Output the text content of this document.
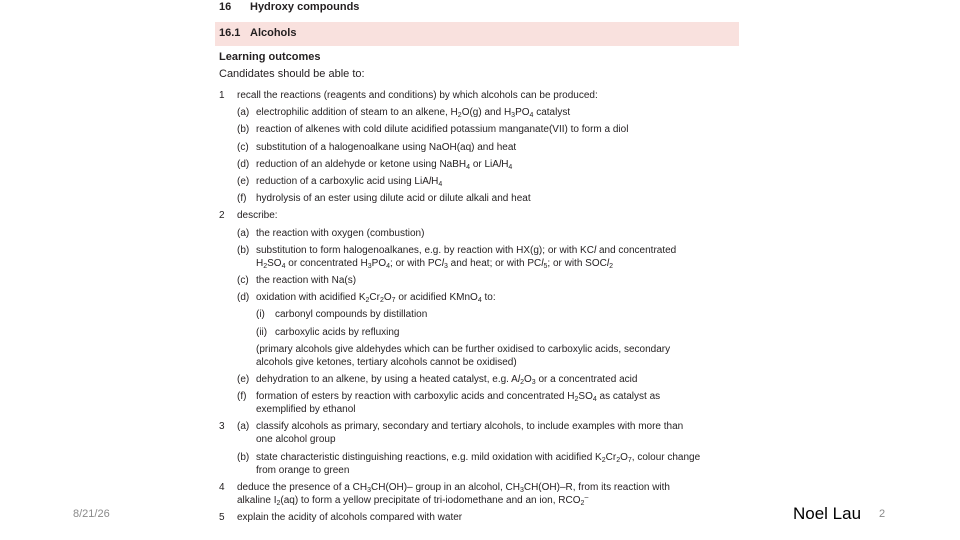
16 Hydroxy compounds
16.1 Alcohols
Learning outcomes
Candidates should be able to:
1 recall the reactions (reagents and conditions) by which alcohols can be produced:
(a) electrophilic addition of steam to an alkene, $H_2O(g)$ and $H_3PO_4$ catalyst
(b) reaction of alkenes with cold dilute acidified potassium manganate(VII) to form a diol
(c) substitution of a halogenoalkane using NaOH(aq) and heat
(d) reduction of an aldehyde or ketone using NaBH$_4$ or LiAlH$_4$
(e) reduction of a carboxylic acid using LiAlH$_4$
(f) hydrolysis of an ester using dilute acid or dilute alkali and heat
2 describe:
(a) the reaction with oxygen (combustion)
(b) substitution to form halogenoalkanes, e.g. by reaction with HX(g); or with KCl and concentrated
$H_2SO_4$ or concentrated $H_3PO_4$; or with PCl$_3$ and heat; or with PCl$_5$; or with SOCl$_2$
(c) the reaction with Na(s)
(d) oxidation with acidified $K_2Cr_2O_7$ or acidified KMnO$_4$ to:
(i) carbonyl compounds by distillation
(ii) carboxylic acids by refluxing
(primary alcohols give aldehydes which can be further oxidised to carboxylic acids, secondary
alcohols give ketones, tertiary alcohols cannot be oxidised)
(e) dehydration to an alkene, by using a heated catalyst, e.g. $Al_2O_3$ or a concentrated acid
(f) formation of esters by reaction with carboxylic acids and concentrated $H_2SO_4$ as catalyst as
exemplified by ethanol
3 (a) classify alcohols as primary, secondary and tertiary alcohols, to include examples with more than
one alcohol group
(b) state characteristic distinguishing reactions, e.g. mild oxidation with acidified $K_2Cr_2O_7$, colour change
from orange to green
4 deduce the presence of a $CH_3CH(OH)-$ group in an alcohol, $CH_3CH(OH)-R$, from its reaction with
alkaline $I_2(aq)$ to form a yellow precipitate of tri-iodomethane and an ion, $RCO_2^-$
5 explain the acidity of alcohols compared with water
8/21/26	Noel Lau 2
